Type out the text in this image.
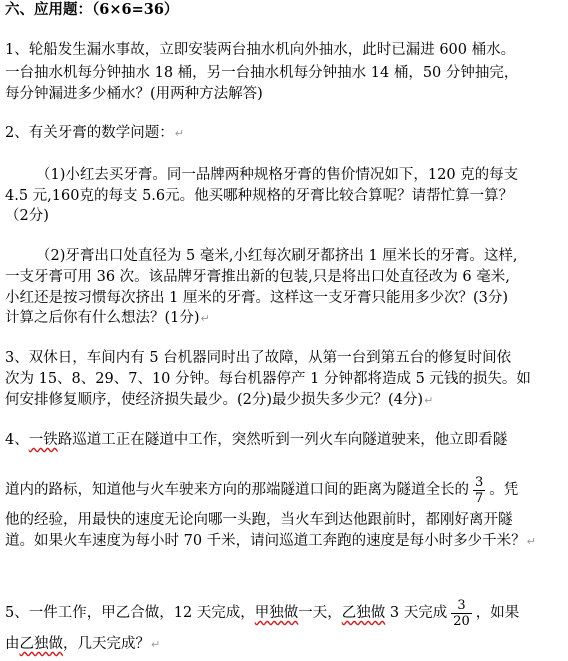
六、应用题：（6×6=36）
1、轮船发生漏水事故，立即安装两台抽水机向外抽水，此时已漏进 600 桶水。
一台抽水机每分钟抽水 18 桶，另一台抽水机每分钟抽水 14 桶，50 分钟抽完，
每分钟漏进多少桶水？(用两种方法解答)
2、有关牙膏的数学问题：↵
（1)小红去买牙膏。同一品牌两种规格牙膏的售价情况如下，120 克的每支
4.5 元,160克的每支 5.6元。他买哪种规格的牙膏比较合算呢？请帮忙算一算？
（2分)
（2)牙膏出口处直径为 5 毫米,小红每次刷牙都挤出 1 厘米长的牙膏。这样,
一支牙膏可用 36 次。该品牌牙膏推出新的包装,只是将出口处直径改为 6 毫米,
小红还是按习惯每次挤出 1 厘米的牙膏。这样这一支牙膏只能用多少次？(3分)
计算之后你有什么想法？(1分)↵
3、双休日，车间内有 5 台机器同时出了故障，从第一台到第五台的修复时间依
次为 15、8、29、7、10 分钟。每台机器停产 1 分钟都将造成 5 元钱的损失。如
何安排修复顺序，使经济损失最少。(2分)最少损失多少元？(4分)↵
4、一铁路巡道工正在隧道中工作，突然听到一列火车向隧道驶来，他立即看隧
道内的路标，知道他与火车驶来方向的那端隧道口间的距离为隧道全长的 $\frac{3}{7}$ 。凭
他的经验，用最快的速度无论向哪一头跑，当火车到达他跟前时，都刚好离开隧
道。如果火车速度为每小时 70 千米，请问巡道工奔跑的速度是每小时多少千米？↵
5、一件工作，甲乙合做，12 天完成，甲独做一天，乙独做 3 天完成 $\frac{3}{20}$ ，如果
由乙独做，几天完成？↵
